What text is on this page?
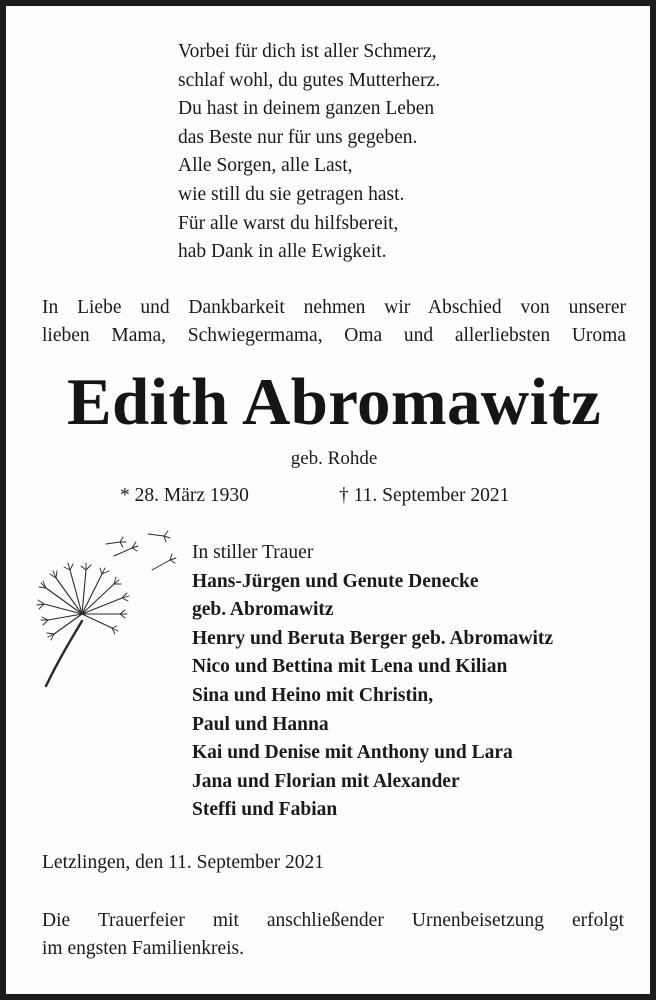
Vorbei für dich ist aller Schmerz,
schlaf wohl, du gutes Mutterherz.
Du hast in deinem ganzen Leben
das Beste nur für uns gegeben.
Alle Sorgen, alle Last,
wie still du sie getragen hast.
Für alle warst du hilfsbereit,
hab Dank in alle Ewigkeit.
In Liebe und Dankbarkeit nehmen wir Abschied von unserer
lieben Mama, Schwiegermama, Oma und allerliebsten Uroma
Edith Abromawitz
geb. Rohde
* 28. März 1930	† 11. September 2021
In stiller Trauer
Hans-Jürgen und Genute Denecke
geb. Abromawitz
Henry und Beruta Berger geb. Abromawitz
Nico und Bettina mit Lena und Kilian
Sina und Heino mit Christin,
Paul und Hanna
Kai und Denise mit Anthony und Lara
Jana und Florian mit Alexander
Steffi und Fabian
Letzlingen, den 11. September 2021
Die Trauerfeier mit anschließender Urnenbeisetzung erfolgt
im engsten Familienkreis.
